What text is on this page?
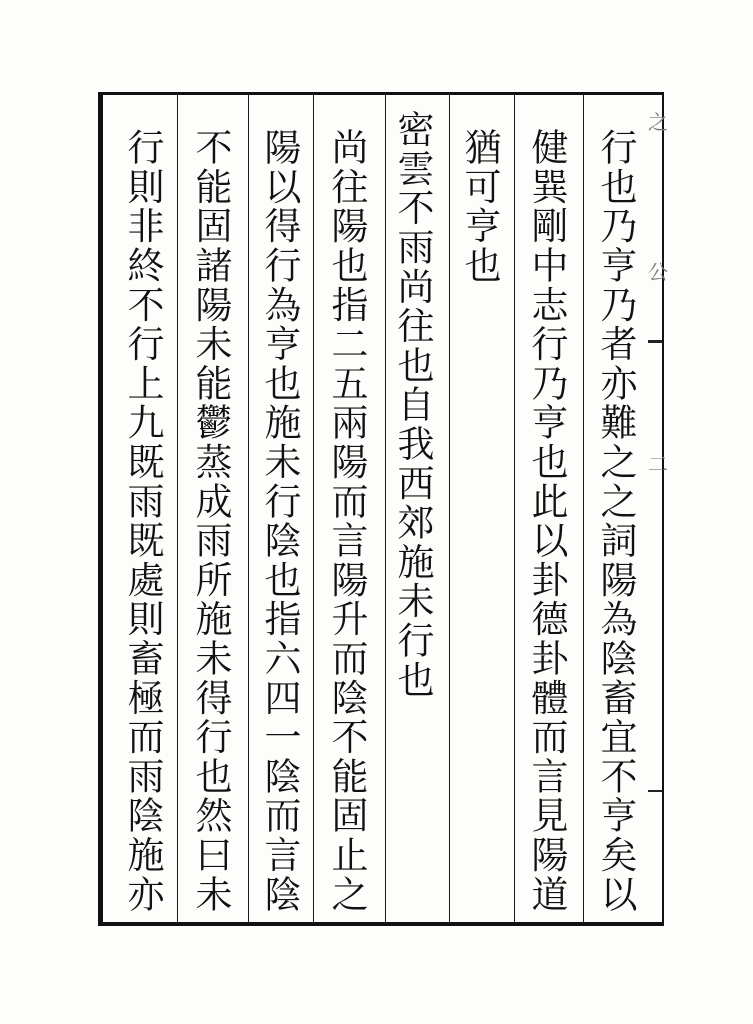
之
公
二
行也乃亨乃者亦難之之詞陽為陰畜宜不亨矣以
健巽剛中志行乃亨也此以卦德卦體而言見陽道
猶可亨也
密雲不雨尚往也自我西郊施未行也
尚往陽也指二五兩陽而言陽升而陰不能固止之
陽以得行為亨也施未行陰也指六四一陰而言陰
不能固諸陽未能鬱蒸成雨所施未得行也然曰未
行則非終不行上九既雨既處則畜極而雨陰施亦
